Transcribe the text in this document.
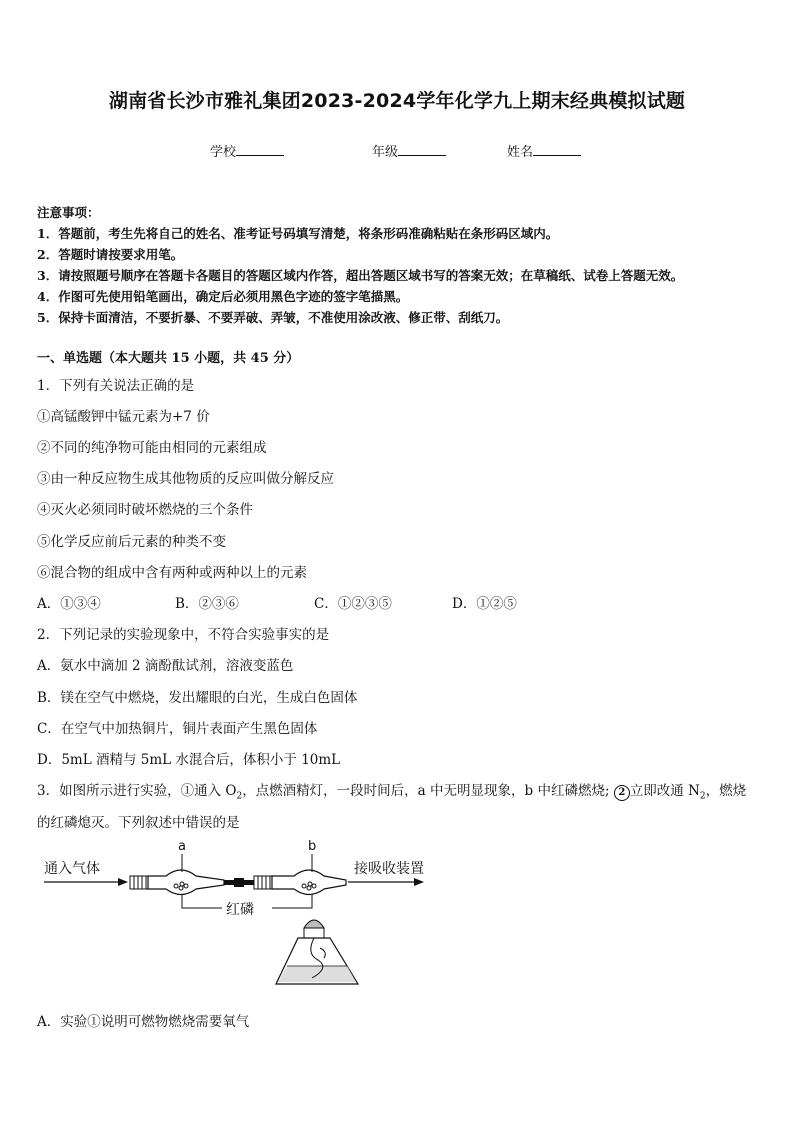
湖南省长沙市雅礼集团2023-2024学年化学九上期末经典模拟试题
学校	年级	姓名
注意事项：
1．答题前，考生先将自己的姓名、准考证号码填写清楚，将条形码准确粘贴在条形码区域内。
2．答题时请按要求用笔。
3．请按照题号顺序在答题卡各题目的答题区域内作答，超出答题区域书写的答案无效；在草稿纸、试卷上答题无效。
4．作图可先使用铅笔画出，确定后必须用黑色字迹的签字笔描黑。
5．保持卡面清洁，不要折暴、不要弄破、弄皱，不准使用涂改液、修正带、刮纸刀。
一、单选题（本大题共 15 小题，共 45 分）
1．下列有关说法正确的是
①高锰酸钾中锰元素为+7 价
②不同的纯净物可能由相同的元素组成
③由一种反应物生成其他物质的反应叫做分解反应
④灭火必须同时破坏燃烧的三个条件
⑤化学反应前后元素的种类不变
⑥混合物的组成中含有两种或两种以上的元素
A．①③④	B．②③⑥	C．①②③⑤	D．①②⑤
2．下列记录的实验现象中，不符合实验事实的是
A．氨水中滴加 2 滴酚酞试剂，溶液变蓝色
B．镁在空气中燃烧，发出耀眼的白光，生成白色固体
C．在空气中加热铜片，铜片表面产生黑色固体
D．5mL 酒精与 5mL 水混合后，体积小于 10mL
3．如图所示进行实验，①通入 $O_2$，点燃酒精灯，一段时间后，a 中无明显现象，b 中红磷燃烧; 2 立即改通 $N_2$，燃烧
的红磷熄灭。下列叙述中错误的是
通入气体
a	b
接吸收装置
红磷
A．实验①说明可燃物燃烧需要氧气
